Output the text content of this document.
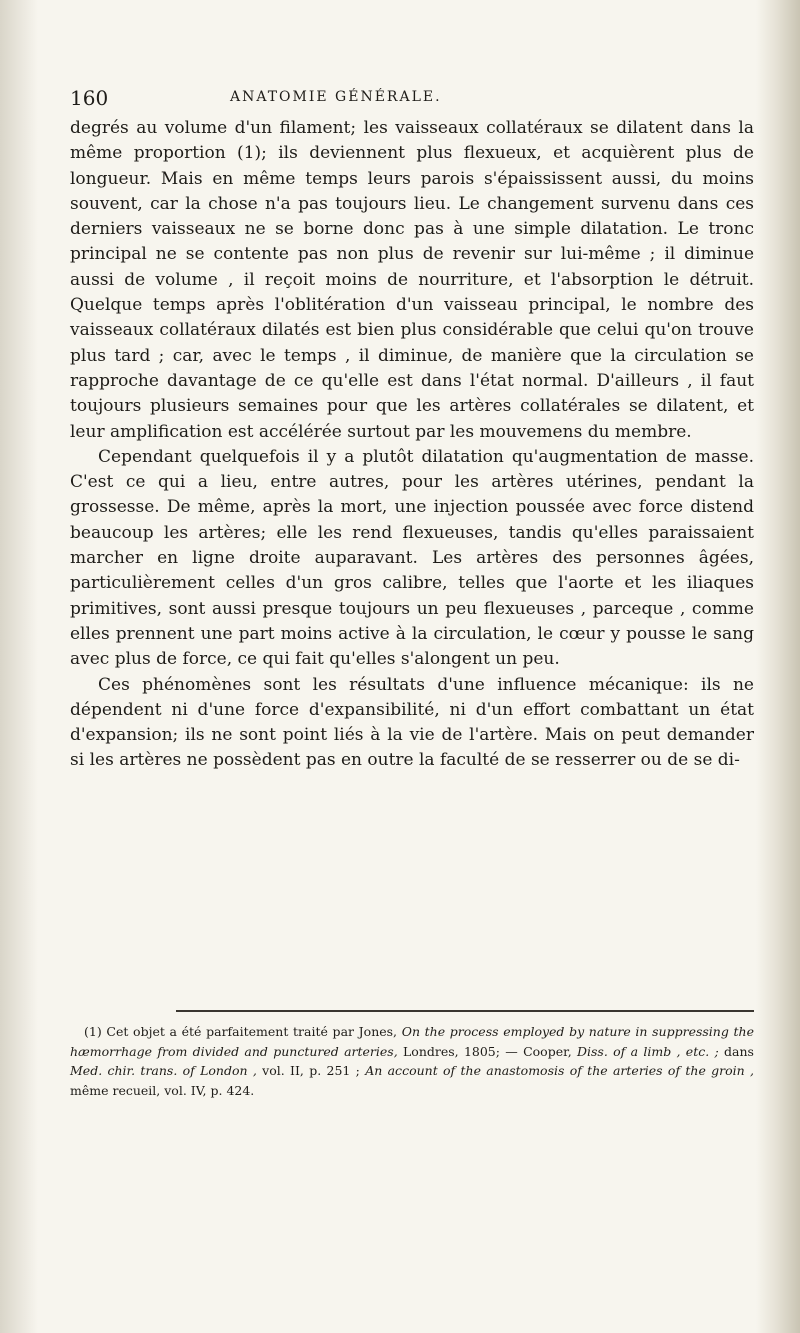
160	ANATOMIE GÉNÉRALE.

degrés au volume d'un filament; les vaisseaux collatéraux se dilatent dans la même proportion (1); ils deviennent plus flexueux, et acquièrent plus de longueur. Mais en même temps leurs parois s'épaississent aussi, du moins souvent, car la chose n'a pas toujours lieu. Le changement survenu dans ces derniers vaisseaux ne se borne donc pas à une simple dilatation. Le tronc principal ne se contente pas non plus de revenir sur lui-même ; il diminue aussi de volume , il reçoit moins de nourriture, et l'absorption le détruit. Quelque temps après l'oblitération d'un vaisseau principal, le nombre des vaisseaux collatéraux dilatés est bien plus considérable que celui qu'on trouve plus tard ; car, avec le temps , il diminue, de manière que la circulation se rapproche davantage de ce qu'elle est dans l'état normal. D'ailleurs , il faut toujours plusieurs semaines pour que les artères collatérales se dilatent, et leur amplification est accélérée surtout par les mouvemens du membre.

Cependant quelquefois il y a plutôt dilatation qu'augmentation de masse. C'est ce qui a lieu, entre autres, pour les artères utérines, pendant la grossesse. De même, après la mort, une injection poussée avec force distend beaucoup les artères; elle les rend flexueuses, tandis qu'elles paraissaient marcher en ligne droite auparavant. Les artères des personnes âgées, particulièrement celles d'un gros calibre, telles que l'aorte et les iliaques primitives, sont aussi presque toujours un peu flexueuses , parceque , comme elles prennent une part moins active à la circulation, le cœur y pousse le sang avec plus de force, ce qui fait qu'elles s'alongent un peu.

Ces phénomènes sont les résultats d'une influence mécanique: ils ne dépendent ni d'une force d'expansibilité, ni d'un effort combattant un état d'expansion; ils ne sont point liés à la vie de l'artère. Mais on peut demander si les artères ne possèdent pas en outre la faculté de se resserrer ou de se di-

(1) Cet objet a été parfaitement traité par Jones, On the process employed by nature in suppressing the hæmorrhage from divided and punctured arteries, Londres, 1805; — Cooper, Diss. of a limb , etc. ; dans Med. chir. trans. of London , vol. II, p. 251 ; An account of the anastomosis of the arteries of the groin , même recueil, vol. IV, p. 424.
